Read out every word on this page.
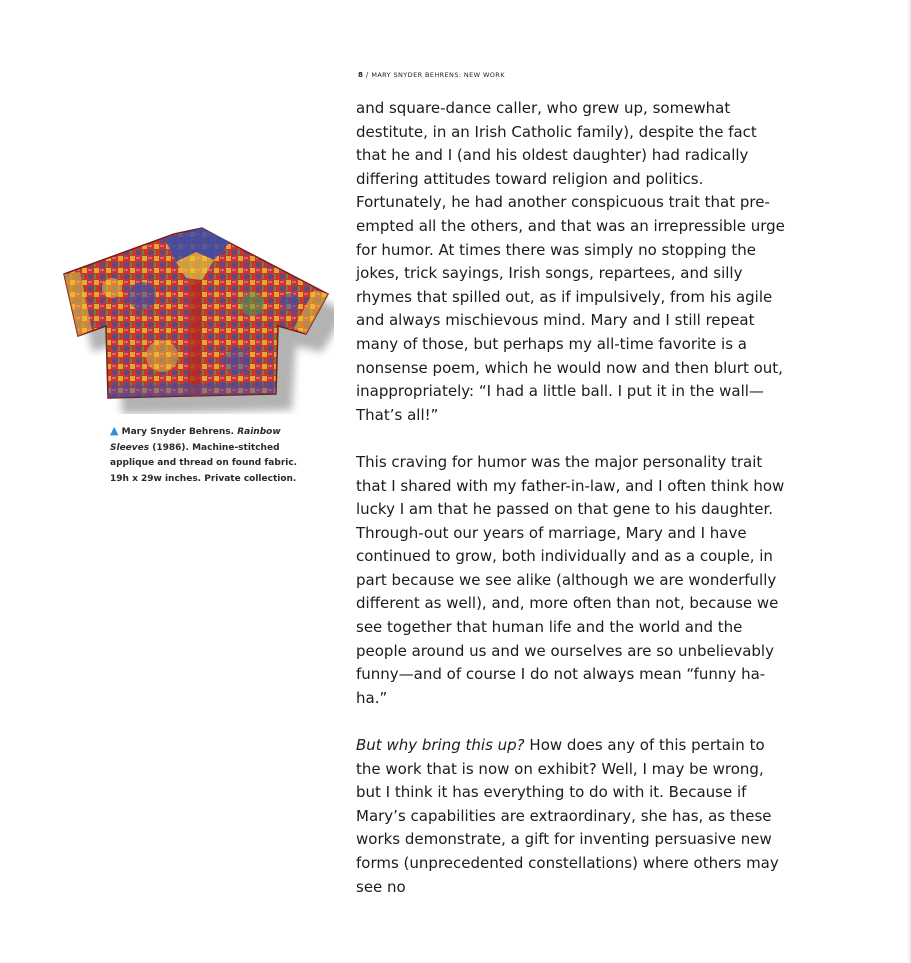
8 / MARY SNYDER BEHRENS: NEW WORK
▲ Mary Snyder Behrens. Rainbow Sleeves (1986). Machine-stitched applique and thread on found fabric. 19h x 29w inches. Private collection.

and square-dance caller, who grew up, somewhat destitute, in an Irish Catholic family), despite the fact that he and I (and his oldest daughter) had radically differing attitudes toward religion and politics. Fortunately, he had another conspicuous trait that pre-empted all the others, and that was an irrepressible urge for humor. At times there was simply no stopping the jokes, trick sayings, Irish songs, repartees, and silly rhymes that spilled out, as if impulsively, from his agile and always mischievous mind. Mary and I still repeat many of those, but perhaps my all-time favorite is a nonsense poem, which he would now and then blurt out, inappropriately: “I had a little ball. I put it in the wall— That’s all!”

This craving for humor was the major personality trait that I shared with my father-in-law, and I often think how lucky I am that he passed on that gene to his daughter. Through-out our years of marriage, Mary and I have continued to grow, both individually and as a couple, in part because we see alike (although we are wonderfully different as well), and, more often than not, because we see together that human life and the world and the people around us and we ourselves are so unbelievably funny—and of course I do not always mean “funny ha-ha.”

But why bring this up? How does any of this pertain to the work that is now on exhibit? Well, I may be wrong, but I think it has everything to do with it. Because if Mary’s capabilities are extraordinary, she has, as these works demonstrate, a gift for inventing persuasive new forms (unprecedented constellations) where others may see no
